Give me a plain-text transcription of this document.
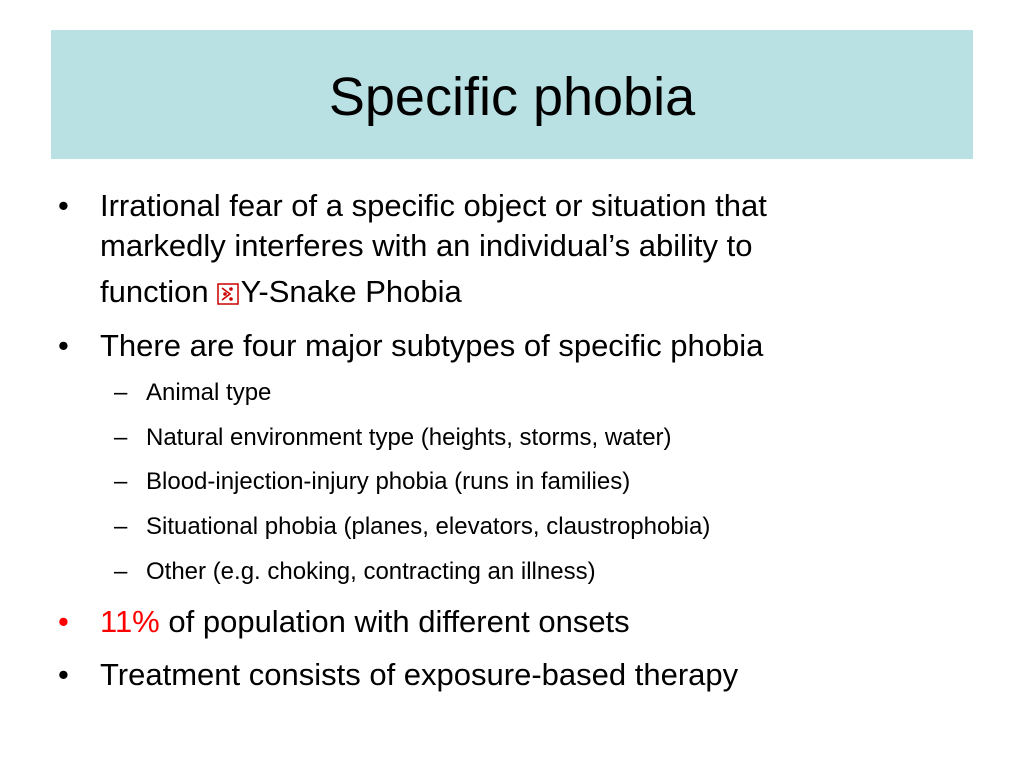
Specific phobia
•	Irrational fear of a specific object or situation that
markedly interferes with an individual’s ability to
function Y-Snake Phobia
•	There are four major subtypes of specific phobia
– Animal type
– Natural environment type (heights, storms, water)
– Blood-injection-injury phobia (runs in families)
– Situational phobia (planes, elevators, claustrophobia)
– Other (e.g. choking, contracting an illness)
•	11% of population with different onsets
•	Treatment consists of exposure-based therapy
